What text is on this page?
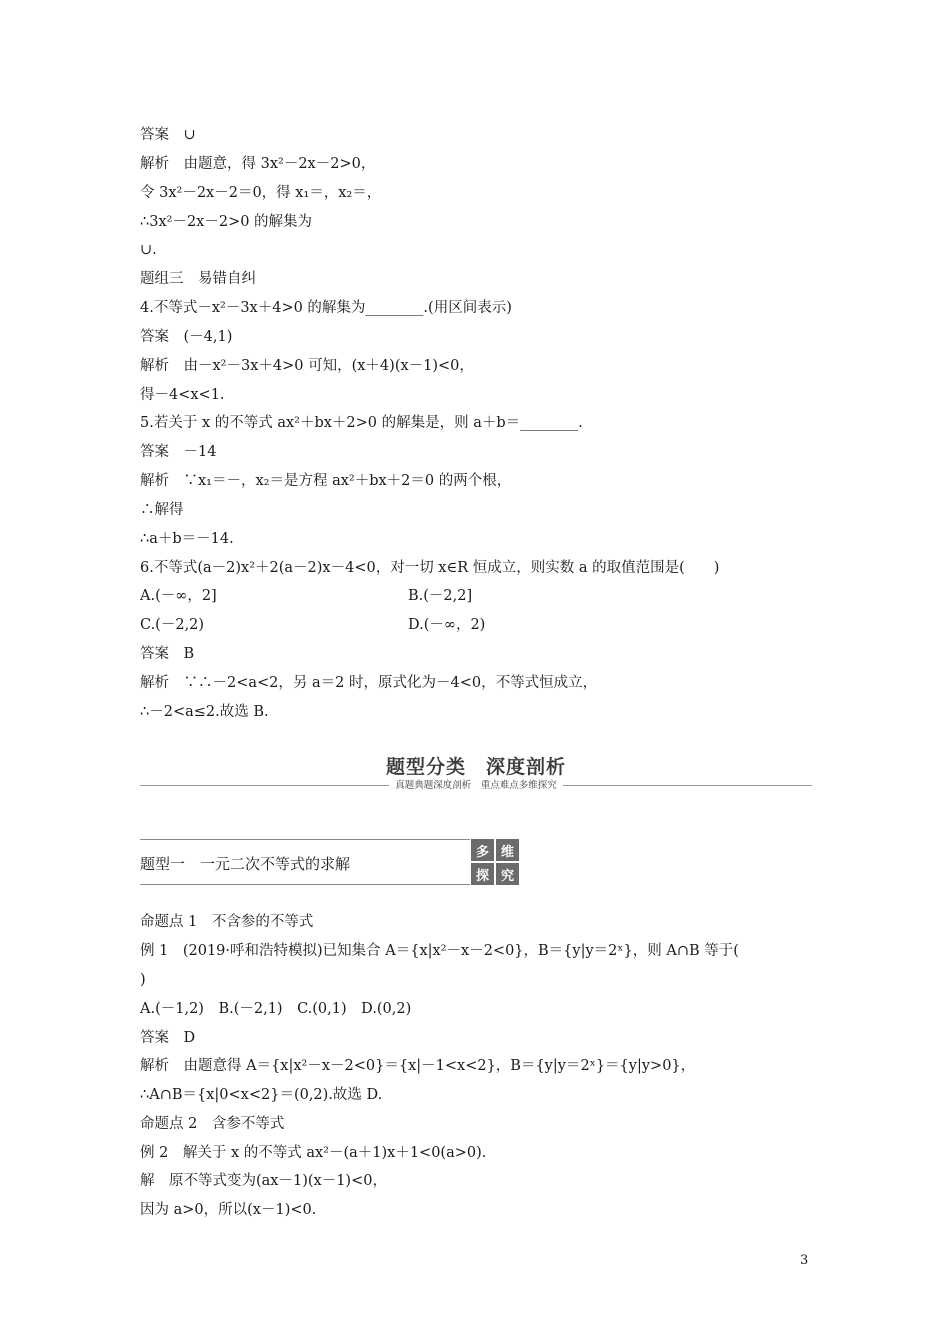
答案　∪
解析　由题意，得 3x²－2x－2>0，
令 3x²－2x－2＝0，得 x₁＝，x₂＝，
∴3x²－2x－2>0 的解集为
∪.
题组三　易错自纠
4.不等式－x²－3x＋4>0 的解集为________.(用区间表示)
答案　(－4,1)
解析　由－x²－3x＋4>0 可知，(x＋4)(x－1)<0，
得－4<x<1.
5.若关于 x 的不等式 ax²＋bx＋2>0 的解集是，则 a＋b＝________.
答案　－14
解析　∵x₁＝－，x₂＝是方程 ax²＋bx＋2＝0 的两个根，
∴解得
∴a＋b＝－14.
6.不等式(a－2)x²＋2(a－2)x－4<0，对一切 x∈R 恒成立，则实数 a 的取值范围是(　　)
A.(－∞，2]	B.(－2,2]
C.(－2,2)	D.(－∞，2)
答案　B
解析　∵∴－2<a<2，另 a＝2 时，原式化为－4<0，不等式恒成立，
∴－2<a≤2.故选 B.
题型分类　深度剖析
真题典题深度剖析　重点难点多维探究
题型一　一元二次不等式的求解
多 维
探 究
命题点 1　不含参的不等式
例 1　(2019·呼和浩特模拟)已知集合 A＝{x|x²－x－2<0}，B＝{y|y＝2ˣ}，则 A∩B 等于(
)
A.(－1,2)　B.(－2,1)　C.(0,1)　D.(0,2)
答案　D
解析　由题意得 A＝{x|x²－x－2<0}＝{x|－1<x<2}，B＝{y|y＝2ˣ}＝{y|y>0}，
∴A∩B＝{x|0<x<2}＝(0,2).故选 D.
命题点 2　含参不等式
例 2　解关于 x 的不等式 ax²－(a＋1)x＋1<0(a>0).
解　原不等式变为(ax－1)(x－1)<0，
因为 a>0，所以(x－1)<0.
3
